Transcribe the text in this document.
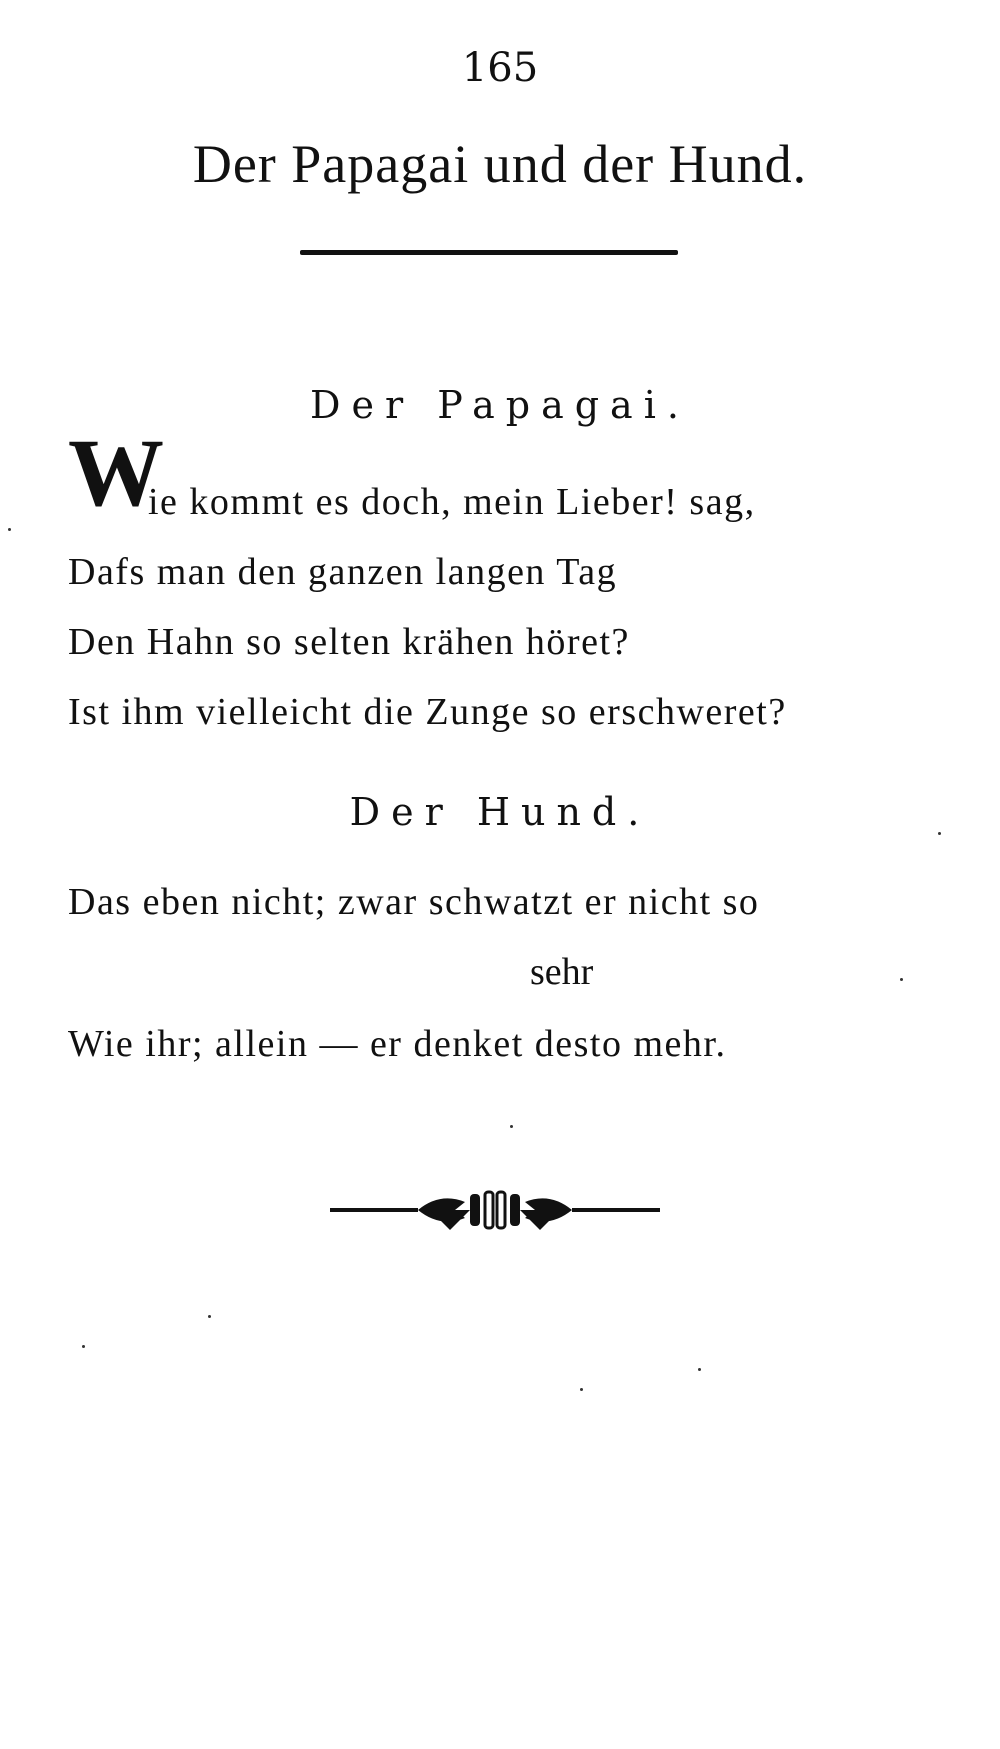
165
Der Papagai und der Hund.
Der Papagai.
W
ie kommt es doch, mein Lieber! sag,
Dafs man den ganzen langen Tag
Den Hahn so selten krähen höret?
Ist ihm vielleicht die Zunge so erschweret?
Der Hund.
Das eben nicht; zwar schwatzt er nicht so
sehr
Wie ihr; allein — er denket desto mehr.
